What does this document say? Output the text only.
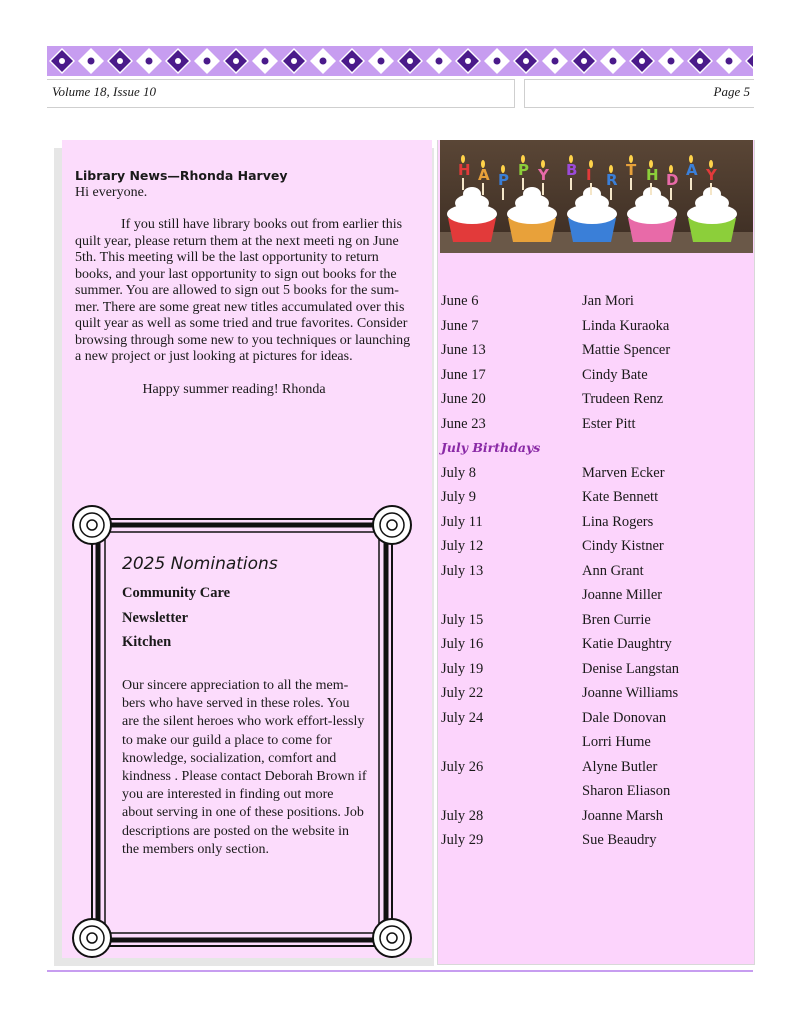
Volume 18, Issue 10	Page 5

Library News—Rhonda Harvey

Hi everyone.

If you still have library books out from earlier this quilt year, please return them at the next meeti ng on June 5th. This meeting will be the last opportunity to return books, and your last opportunity to sign out books for the summer. You are allowed to sign out 5 books for the sum-mer. There are some great new titles accumulated over this quilt year as well as some tried and true favorites. Consider browsing through some new to you techniques or launching a new project or just looking at pictures for ideas.

Happy summer reading! Rhonda

2025 Nominations
Community Care
Newsletter
Kitchen
Our sincere appreciation to all the mem-bers who have served in these roles. You are the silent heroes who work effort-lessly to make our guild a place to come for knowledge, socialization, comfort and kindness . Please contact Deborah Brown if you are interested in finding out more about serving in one of these positions. Job descriptions are posted on the website in the members only section.
H A P
P Y B I R
T H D
A Y
June 6	Jan Mori
June 7	Linda Kuraoka
June 13	Mattie Spencer
June 17	Cindy Bate
June 20	Trudeen Renz
June 23	Ester Pitt
July Birthdays
July 8	Marven Ecker
July 9	Kate Bennett
July 11	Lina Rogers
July 12	Cindy Kistner
July 13	Ann Grant
Joanne Miller
July 15	Bren Currie
July 16	Katie Daughtry
July 19	Denise Langstan
July 22	Joanne Williams
July 24	Dale Donovan
Lorri Hume
July 26	Alyne Butler
Sharon Eliason
July 28	Joanne Marsh
July 29	Sue Beaudry
